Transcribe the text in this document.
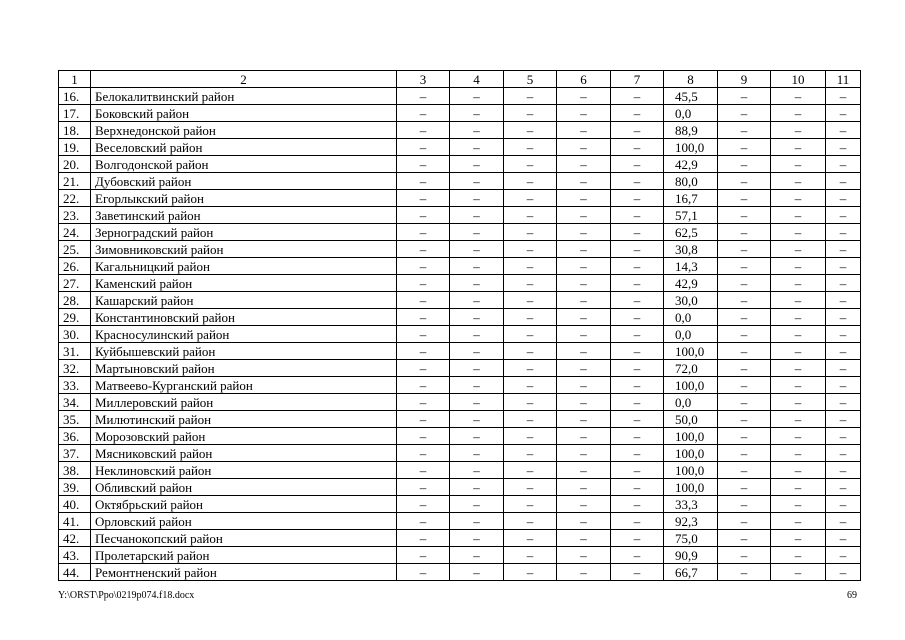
1	2	3	4	5	6	7	8	9	10	11
16.	Белокалитвинский район	–	–	–	–	–	45,5	–	–	–
17.	Боковский район	–	–	–	–	–	0,0	–	–	–
18.	Верхнедонской район	–	–	–	–	–	88,9	–	–	–
19.	Веселовский район	–	–	–	–	–	100,0	–	–	–
20.	Волгодонской район	–	–	–	–	–	42,9	–	–	–
21.	Дубовский район	–	–	–	–	–	80,0	–	–	–
22.	Егорлыкский район	–	–	–	–	–	16,7	–	–	–
23.	Заветинский район	–	–	–	–	–	57,1	–	–	–
24.	Зерноградский район	–	–	–	–	–	62,5	–	–	–
25.	Зимовниковский район	–	–	–	–	–	30,8	–	–	–
26.	Кагальницкий район	–	–	–	–	–	14,3	–	–	–
27.	Каменский район	–	–	–	–	–	42,9	–	–	–
28.	Кашарский район	–	–	–	–	–	30,0	–	–	–
29.	Константиновский район	–	–	–	–	–	0,0	–	–	–
30.	Красносулинский район	–	–	–	–	–	0,0	–	–	–
31.	Куйбышевский район	–	–	–	–	–	100,0	–	–	–
32.	Мартыновский район	–	–	–	–	–	72,0	–	–	–
33.	Матвеево-Курганский район	–	–	–	–	–	100,0	–	–	–
34.	Миллеровский район	–	–	–	–	–	0,0	–	–	–
35.	Милютинский район	–	–	–	–	–	50,0	–	–	–
36.	Морозовский район	–	–	–	–	–	100,0	–	–	–
37.	Мясниковский район	–	–	–	–	–	100,0	–	–	–
38.	Неклиновский район	–	–	–	–	–	100,0	–	–	–
39.	Обливский район	–	–	–	–	–	100,0	–	–	–
40.	Октябрьский район	–	–	–	–	–	33,3	–	–	–
41.	Орловский район	–	–	–	–	–	92,3	–	–	–
42.	Песчанокопский район	–	–	–	–	–	75,0	–	–	–
43.	Пролетарский район	–	–	–	–	–	90,9	–	–	–
44.	Ремонтненский район	–	–	–	–	–	66,7	–	–	–
Y:\ORST\Ppo\0219p074.f18.docx	69
